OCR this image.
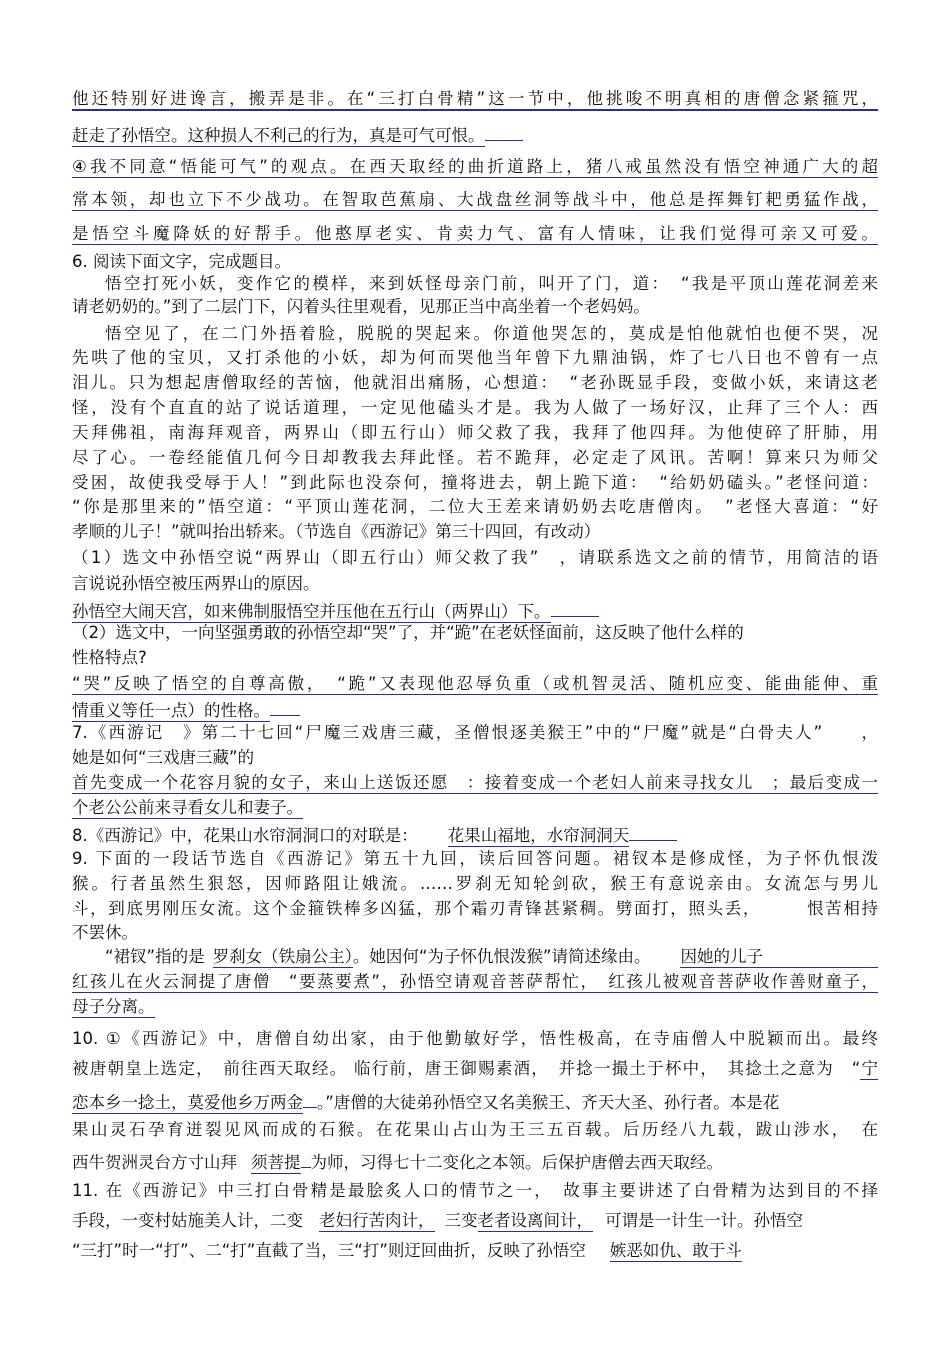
他还特别好进谗言，搬弄是非。在“三打白骨精”这一节中，他挑唆不明真相的唐僧念紧箍咒，
赶走了孙悟空。这种损人不利己的行为，真是可气可恨。
④我不同意“悟能可气”的观点。在西天取经的曲折道路上，猪八戒虽然没有悟空神通广大的超
常本领，却也立下不少战功。在智取芭蕉扇、大战盘丝洞等战斗中，他总是挥舞钉耙勇猛作战，
是悟空斗魔降妖的好帮手。他憨厚老实、肯卖力气、富有人情味，让我们觉得可亲又可爱。
6. 阅读下面文字，完成题目。
悟空打死小妖，变作它的模样，来到妖怪母亲门前，叫开了门，道：　“我是平顶山莲花洞差来
请老奶奶的。”到了二层门下，闪着头往里观看，见那正当中高坐着一个老妈妈。
悟空见了，在二门外捂着脸，脱脱的哭起来。你道他哭怎的，莫成是怕他就怕也便不哭，况
先哄了他的宝贝，又打杀他的小妖，却为何而哭他当年曾下九鼎油锅，炸了七八日也不曾有一点
泪儿。只为想起唐僧取经的苦恼，他就泪出痛肠，心想道：　“老孙既显手段，变做小妖，来请这老
怪，没有个直直的站了说话道理，一定见他磕头才是。我为人做了一场好汉，止拜了三个人：西
天拜佛祖，南海拜观音，两界山（即五行山）师父救了我，我拜了他四拜。为他使碎了肝肺，用
尽了心。一卷经能值几何今日却教我去拜此怪。若不跪拜，必定走了风讯。苦啊！算来只为师父
受困，故使我受辱于人！”到此际也没奈何，撞将进去，朝上跪下道：　“给奶奶磕头。”老怪问道：
“你是那里来的”悟空道：“平顶山莲花洞，二位大王差来请奶奶去吃唐僧肉。　”老怪大喜道：“好
孝顺的儿子！”就叫抬出轿来。（节选自《西游记》第三十四回，有改动）
（1）选文中孙悟空说“两界山（即五行山）师父救了我”　，请联系选文之前的情节，用简洁的语
言说说孙悟空被压两界山的原因。
孙悟空大闹天宫，如来佛制服悟空并压他在五行山（两界山）下。
（2）选文中，一向坚强勇敢的孙悟空却“哭”了，并“跪”在老妖怪面前，这反映了他什么样的
性格特点?
“哭”反映了悟空的自尊高傲，　“跪”又表现他忍辱负重（或机智灵活、随机应变、能曲能伸、重
情重义等任一点）的性格。
7.《西游记　》第二十七回“尸魔三戏唐三藏，圣僧恨逐美猴王”中的“尸魔”就是“白骨夫人”　　，
她是如何“三戏唐三藏”的
首先变成一个花容月貌的女子，来山上送饭还愿　：接着变成一个老妇人前来寻找女儿　；最后变成一
个老公公前来寻看女儿和妻子。
8.《西游记》中，花果山水帘洞洞口的对联是： 花果山福地，水帘洞洞天
9. 下面的一段话节选自《西游记》第五十九回，读后回答问题。裙钗本是修成怪，为子怀仇恨泼
猴。行者虽然生狠怒，因师路阻让娥流。……罗刹无知轮剑砍，猴王有意说亲由。女流怎与男儿
斗，到底男刚压女流。这个金箍铁棒多凶猛，那个霜刃青锋甚紧稠。劈面打，照头丢，　　　恨苦相持
不罢休。
“裙钗”指的是 罗刹女（铁扇公主）。她因何“为子怀仇恨泼猴”请简述缘由。 因她的儿子
红孩儿在火云洞提了唐僧　“要蒸要煮”，孙悟空请观音菩萨帮忙，　红孩儿被观音菩萨收作善财童子，
母子分离。
10. ①《西游记》中，唐僧自幼出家，由于他勤敏好学，悟性极高，在寺庙僧人中脱颖而出。最终
被唐朝皇上选定，　前往西天取经。 临行前，唐王御赐素酒，　并捻一撮土于杯中，　其捻土之意为　“宁
恋本乡一捻土，莫爱他乡万两金 。”唐僧的大徒弟孙悟空又名美猴王、齐天大圣、孙行者。本是花
果山灵石孕育迸裂见风而成的石猴。在花果山占山为王三五百载。后历经八九载，跋山涉水，　在
西牛贺洲灵台方寸山拜 须菩提 为师，习得七十二变化之本领。后保护唐僧去西天取经。
11. 在《西游记》中三打白骨精是最脍炙人口的情节之一，　故事主要讲述了白骨精为达到目的不择
手段，一变村姑施美人计，二变 老妇行苦肉计， 三变老者设离间计， 可谓是一计生一计。孙悟空
“三打”时一“打”、二“打”直截了当，三“打”则迂回曲折，反映了孙悟空 嫉恶如仇、敢于斗
